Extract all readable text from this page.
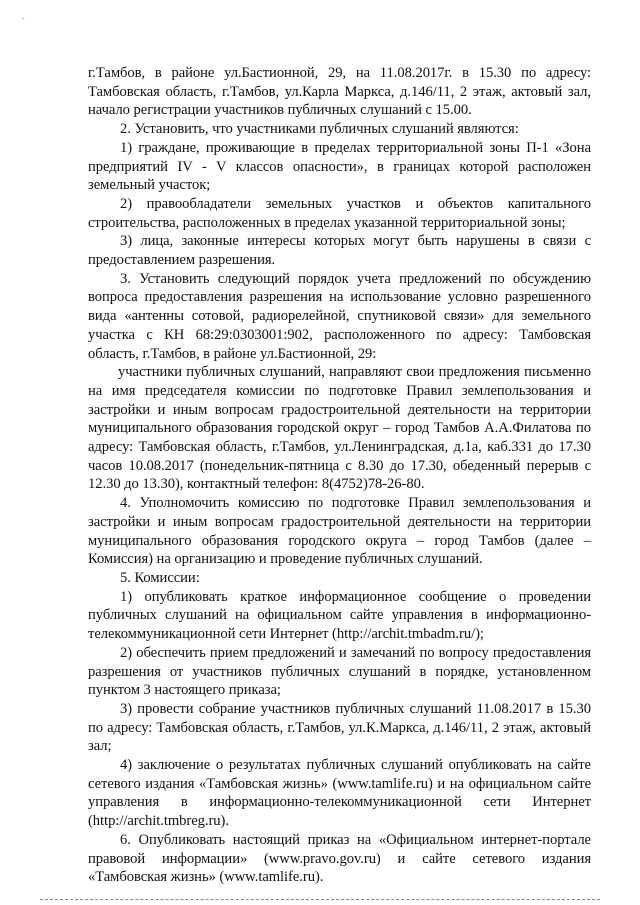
-

г.Тамбов, в районе ул.Бастионной, 29, на 11.08.2017г. в 15.30 по адресу: Тамбовская область, г.Тамбов, ул.Карла Маркса, д.146/11, 2 этаж, актовый зал, начало регистрации участников публичных слушаний с 15.00.

2. Установить, что участниками публичных слушаний являются:

1) граждане, проживающие в пределах территориальной зоны П-1 «Зона предприятий IV - V классов опасности», в границах которой расположен земельный участок;

2) правообладатели земельных участков и объектов капитального строительства, расположенных в пределах указанной территориальной зоны;

3) лица, законные интересы которых могут быть нарушены в связи с предоставлением разрешения.

3. Установить следующий порядок учета предложений по обсуждению вопроса предоставления разрешения на использование условно разрешенного вида «антенны сотовой, радиорелейной, спутниковой связи» для земельного участка с КН 68:29:0303001:902, расположенного по адресу: Тамбовская область, г.Тамбов, в районе ул.Бастионной, 29:

участники публичных слушаний, направляют свои предложения письменно на имя председателя комиссии по подготовке Правил землепользования и застройки и иным вопросам градостроительной деятельности на территории муниципального образования городской округ – город Тамбов А.А.Филатова по адресу: Тамбовская область, г.Тамбов, ул.Ленинградская, д.1а, каб.331 до 17.30 часов 10.08.2017 (понедельник-пятница с 8.30 до 17.30, обеденный перерыв с 12.30 до 13.30), контактный телефон: 8(4752)78-26-80.

4. Уполномочить комиссию по подготовке Правил землепользования и застройки и иным вопросам градостроительной деятельности на территории муниципального образования городского округа – город Тамбов (далее – Комиссия) на организацию и проведение публичных слушаний.

5. Комиссии:

1) опубликовать краткое информационное сообщение о проведении публичных слушаний на официальном сайте управления в информационно-телекоммуникационной сети Интернет (http://archit.tmbadm.ru/);

2) обеспечить прием предложений и замечаний по вопросу предоставления разрешения от участников публичных слушаний в порядке, установленном пунктом 3 настоящего приказа;

3) провести собрание участников публичных слушаний 11.08.2017 в 15.30 по адресу: Тамбовская область, г.Тамбов, ул.К.Маркса, д.146/11, 2 этаж, актовый зал;

4) заключение о результатах публичных слушаний опубликовать на сайте сетевого издания «Тамбовская жизнь» (www.tamlife.ru) и на официальном сайте управления в информационно-телекоммуникационной сети Интернет (http://archit.tmbreg.ru).

6. Опубликовать настоящий приказ на «Официальном интернет-портале правовой информации» (www.pravo.gov.ru) и сайте сетевого издания «Тамбовская жизнь» (www.tamlife.ru).
